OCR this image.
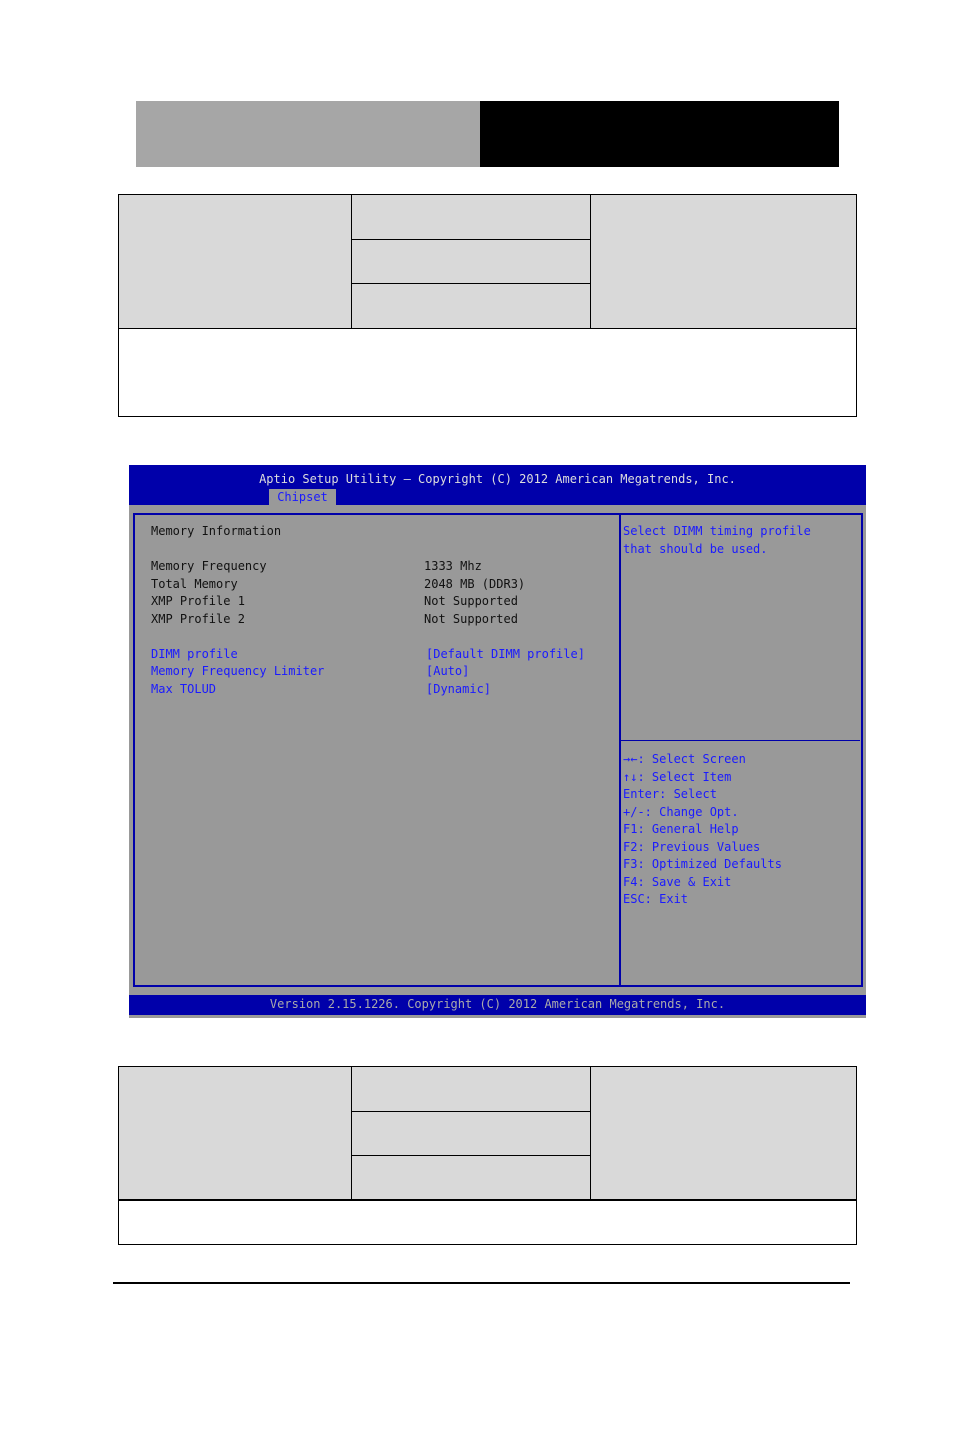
Aptio Setup Utility – Copyright (C) 2012 American Megatrends, Inc.
Chipset
Memory Information
Memory Frequency	1333 Mhz
Total Memory	2048 MB (DDR3)
XMP Profile 1	Not Supported
XMP Profile 2	Not Supported
DIMM profile	[Default DIMM profile]
Memory Frequency Limiter	[Auto]
Max TOLUD	[Dynamic]
Select DIMM timing profile
that should be used.
→←: Select Screen
↑↓: Select Item
Enter: Select
+/-: Change Opt.
F1: General Help
F2: Previous Values
F3: Optimized Defaults
F4: Save & Exit
ESC: Exit
Version 2.15.1226. Copyright (C) 2012 American Megatrends, Inc.
